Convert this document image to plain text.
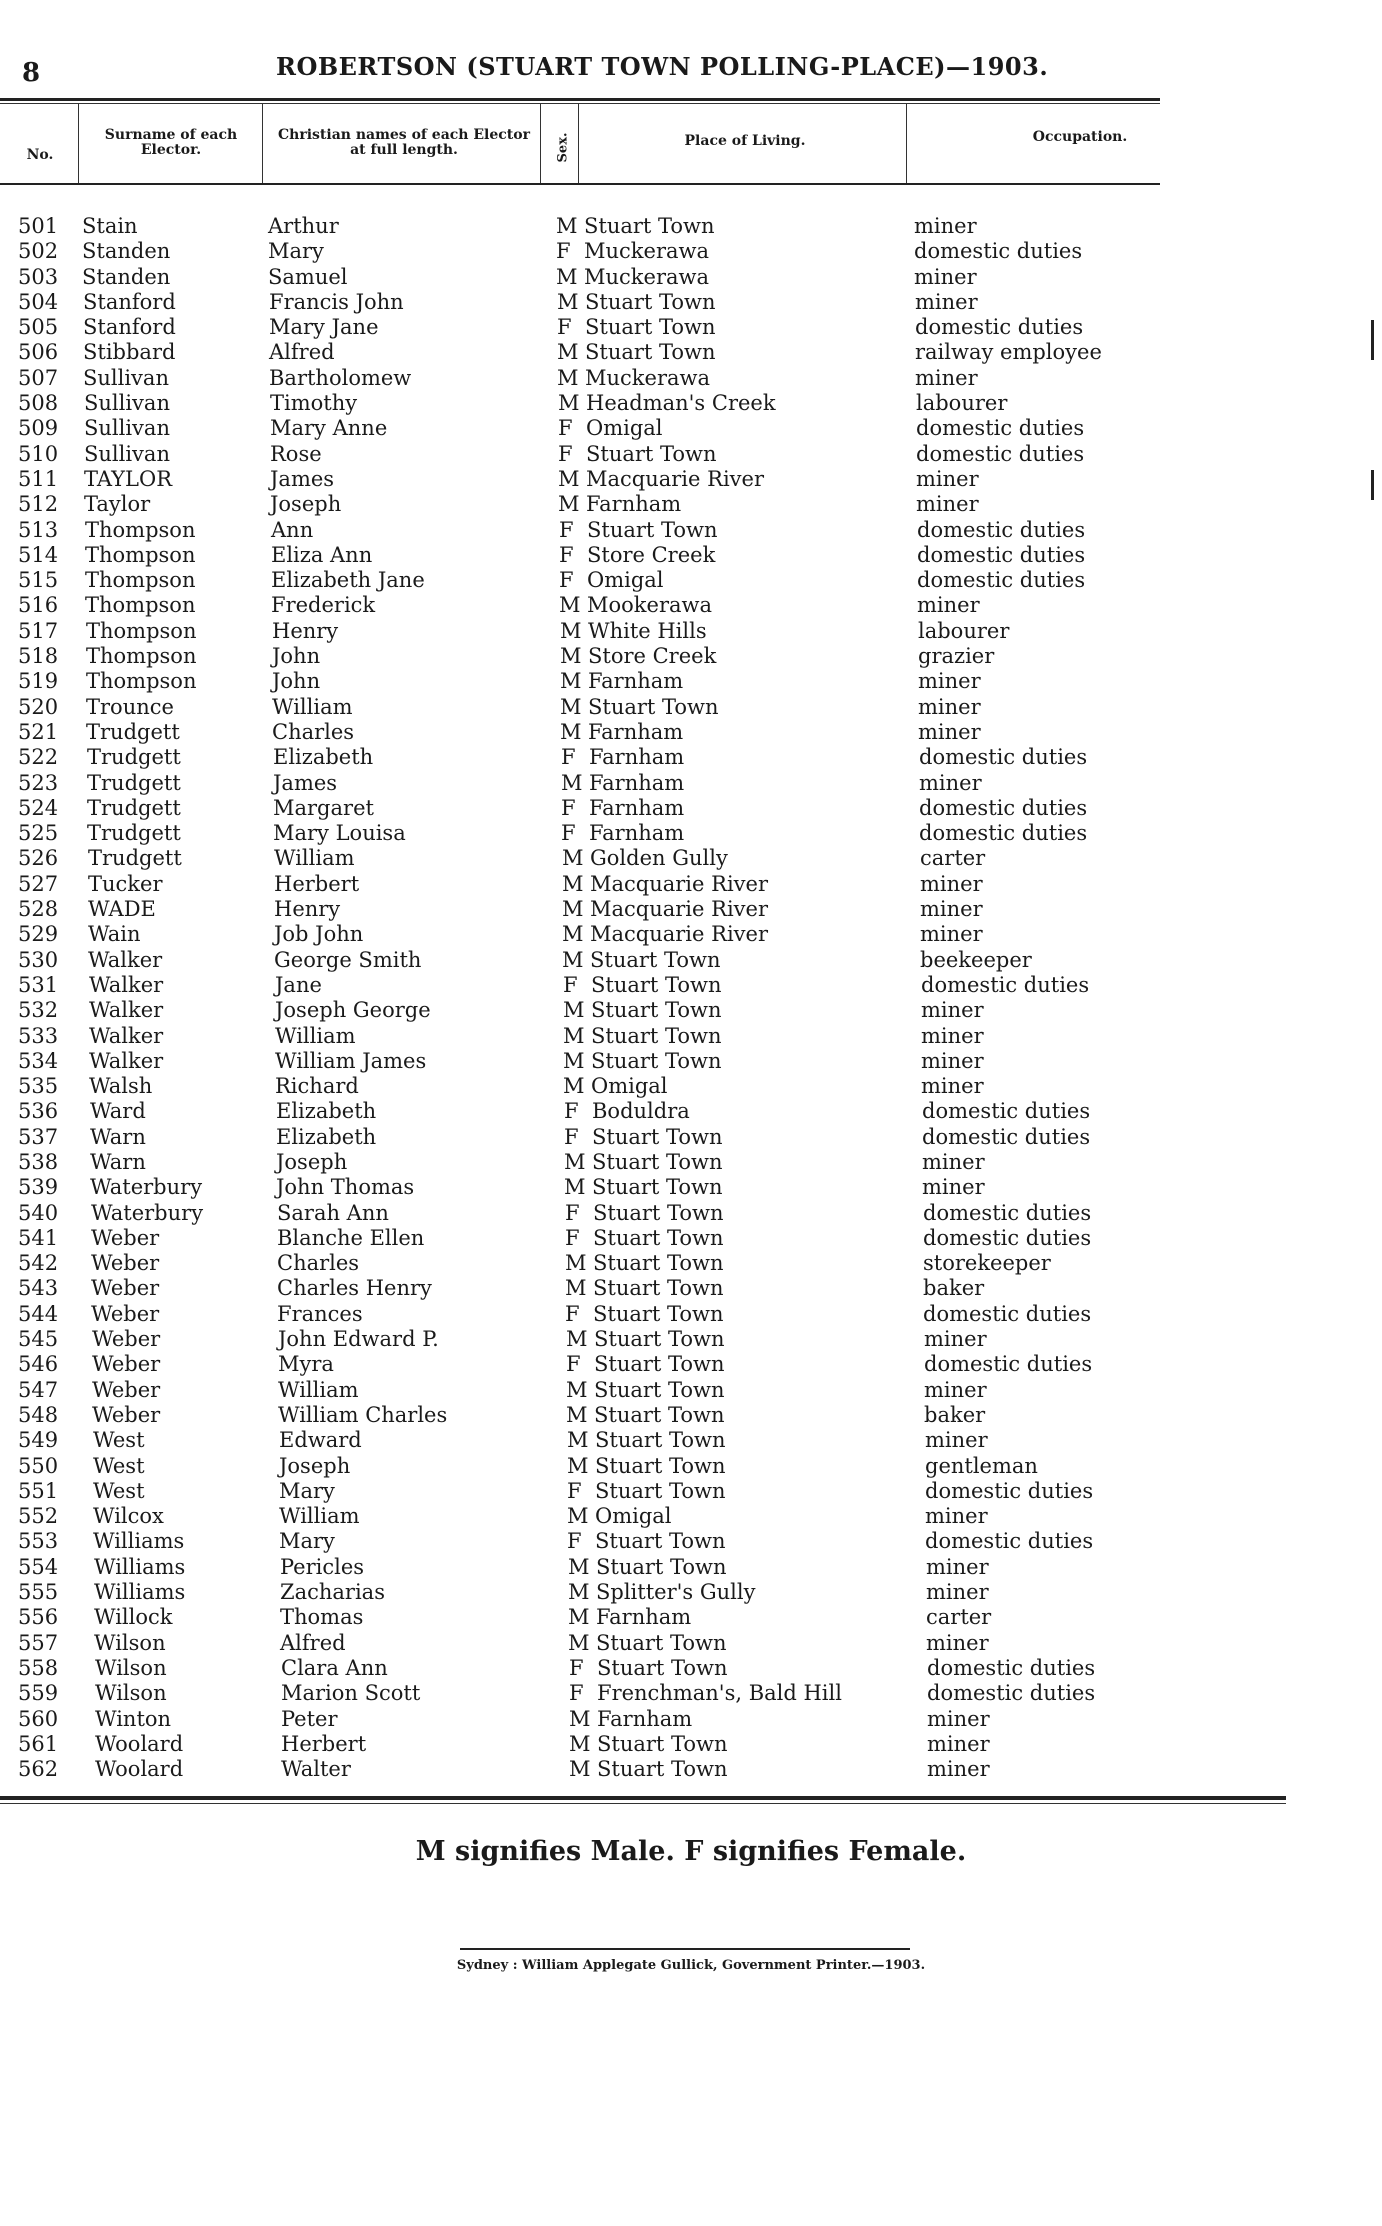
8	ROBERTSON (STUART TOWN POLLING-PLACE)—1903.
No.
Surname of each Elector.
Christian names of each Elector at full length.	Sex.	Place of Living.	Occupation.
501 Stain	Arthur	M Stuart Town	miner
502 Standen	Mary	F Muckerawa	domestic duties
503 Standen	Samuel	M Muckerawa	miner
504 Stanford	Francis John	M Stuart Town	miner
505 Stanford	Mary Jane	F Stuart Town	domestic duties
506 Stibbard	Alfred	M Stuart Town	railway employee
507 Sullivan	Bartholomew	M Muckerawa	miner
508 Sullivan	Timothy	M Headman's Creek	labourer
509 Sullivan	Mary Anne	F Omigal	domestic duties
510 Sullivan	Rose	F Stuart Town	domestic duties
511 TAYLOR	James	M Macquarie River	miner
512 Taylor	Joseph	M Farnham	miner
513 Thompson	Ann	F Stuart Town	domestic duties
514 Thompson	Eliza Ann	F Store Creek	domestic duties
515 Thompson	Elizabeth Jane	F Omigal	domestic duties
516 Thompson	Frederick	M Mookerawa	miner
517 Thompson	Henry	M White Hills	labourer
518 Thompson	John	M Store Creek	grazier
519 Thompson	John	M Farnham	miner
520 Trounce	William	M Stuart Town	miner
521 Trudgett	Charles	M Farnham	miner
522 Trudgett	Elizabeth	F Farnham	domestic duties
523 Trudgett	James	M Farnham	miner
524 Trudgett	Margaret	F Farnham	domestic duties
525 Trudgett	Mary Louisa	F Farnham	domestic duties
526 Trudgett	William	M Golden Gully	carter
527 Tucker	Herbert	M Macquarie River	miner
528 WADE	Henry	M Macquarie River	miner
529 Wain	Job John	M Macquarie River	miner
530 Walker	George Smith	M Stuart Town	beekeeper
531 Walker	Jane	F Stuart Town	domestic duties
532 Walker	Joseph George	M Stuart Town	miner
533 Walker	William	M Stuart Town	miner
534 Walker	William James	M Stuart Town	miner
535 Walsh	Richard	M Omigal	miner
536 Ward	Elizabeth	F Boduldra	domestic duties
537 Warn	Elizabeth	F Stuart Town	domestic duties
538 Warn	Joseph	M Stuart Town	miner
539 Waterbury	John Thomas	M Stuart Town	miner
540 Waterbury	Sarah Ann	F Stuart Town	domestic duties
541 Weber	Blanche Ellen	F Stuart Town	domestic duties
542 Weber	Charles	M Stuart Town	storekeeper
543 Weber	Charles Henry	M Stuart Town	baker
544 Weber	Frances	F Stuart Town	domestic duties
545 Weber	John Edward P.	M Stuart Town	miner
546 Weber	Myra	F Stuart Town	domestic duties
547 Weber	William	M Stuart Town	miner
548 Weber	William Charles	M Stuart Town	baker
549 West	Edward	M Stuart Town	miner
550 West	Joseph	M Stuart Town	gentleman
551 West	Mary	F Stuart Town	domestic duties
552 Wilcox	William	M Omigal	miner
553 Williams	Mary	F Stuart Town	domestic duties
554 Williams	Pericles	M Stuart Town	miner
555 Williams	Zacharias	M Splitter's Gully	miner
556 Willock	Thomas	M Farnham	carter
557 Wilson	Alfred	M Stuart Town	miner
558 Wilson	Clara Ann	F Stuart Town	domestic duties
559 Wilson	Marion Scott	F Frenchman's, Bald Hill	domestic duties
560 Winton	Peter	M Farnham	miner
561 Woolard	Herbert	M Stuart Town	miner
562 Woolard	Walter	M Stuart Town	miner
M signifies Male. F signifies Female.
Sydney : William Applegate Gullick, Government Printer.—1903.
